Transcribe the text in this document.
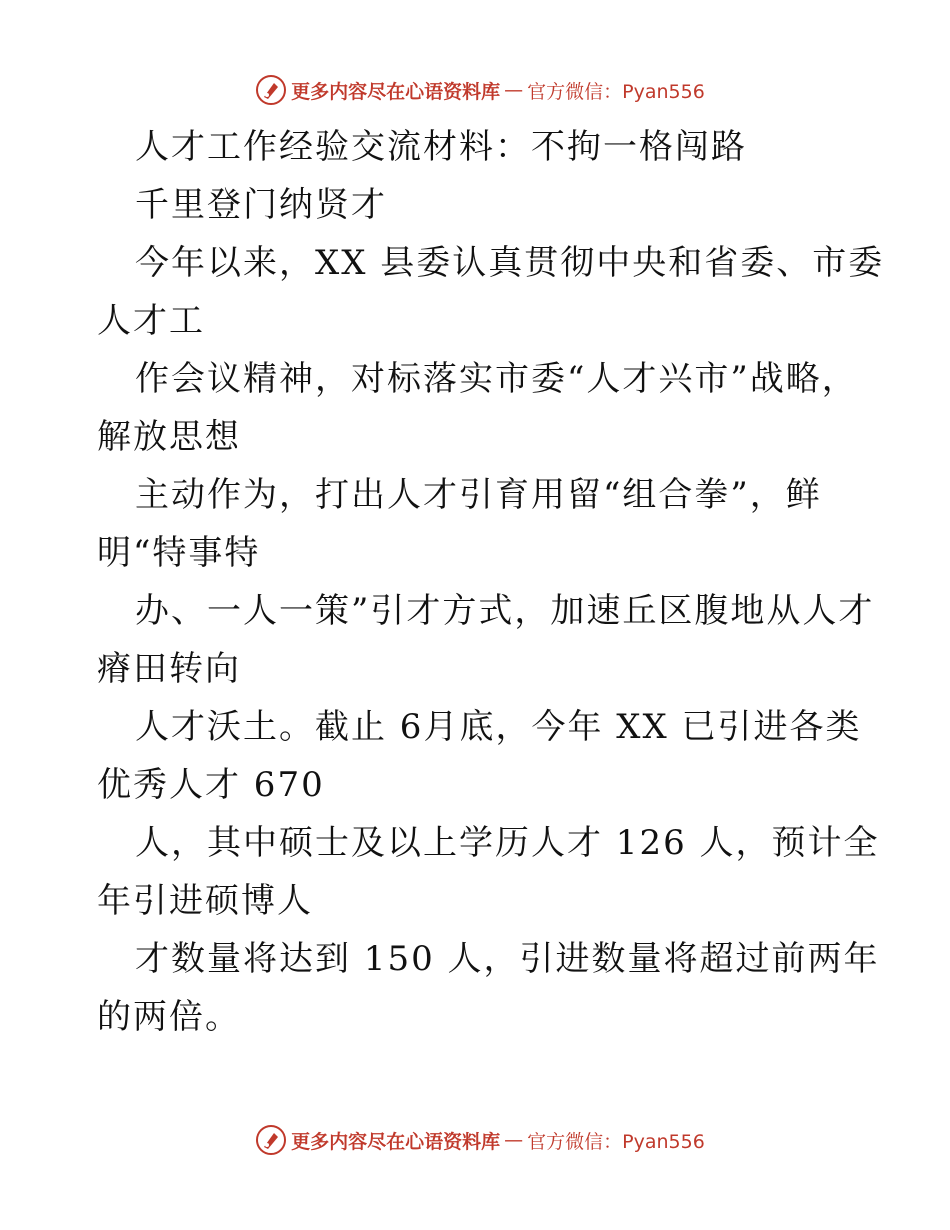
更多内容尽在心语资料库 — 官方微信：Pyan556
人才工作经验交流材料：不拘一格闯路
千里登门纳贤才
今年以来，XX 县委认真贯彻中央和省委、市委
人才工
作会议精神，对标落实市委“人才兴市”战略，
解放思想
主动作为，打出人才引育用留“组合拳”，鲜
明“特事特
办、一人一策”引才方式，加速丘区腹地从人才
瘠田转向
人才沃土。截止 6月底，今年 XX 已引进各类
优秀人才 670
人，其中硕士及以上学历人才 126 人，预计全
年引进硕博人
才数量将达到 150 人，引进数量将超过前两年
的两倍。
更多内容尽在心语资料库 — 官方微信：Pyan556
